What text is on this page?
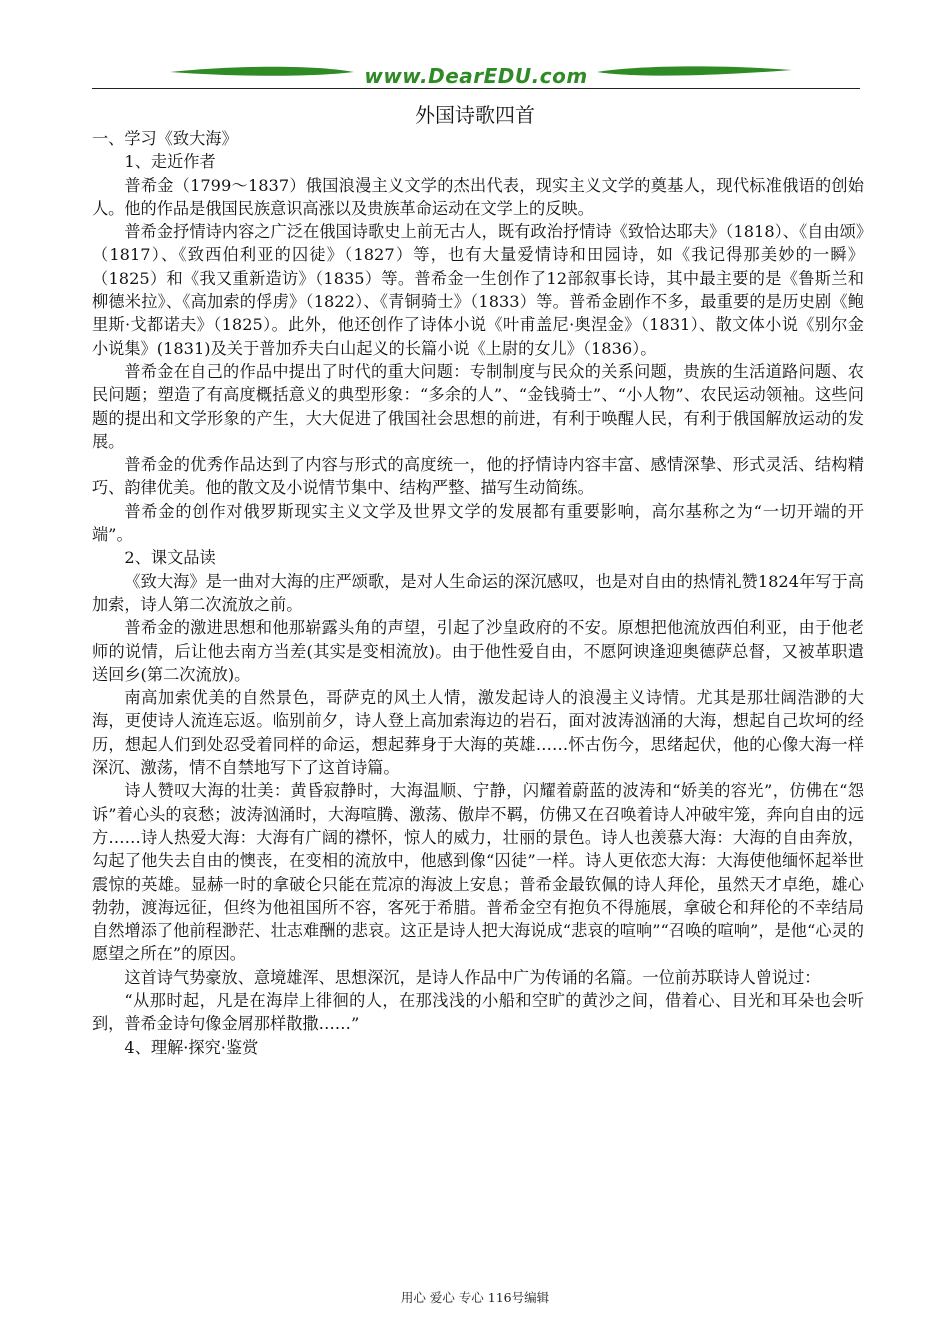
www.DearEDU.com
外国诗歌四首
一、学习《致大海》
1、走近作者
普希金（1799～1837）俄国浪漫主义文学的杰出代表，现实主义文学的奠基人，现代标准俄语的创始人。他的作品是俄国民族意识高涨以及贵族革命运动在文学上的反映。
普希金抒情诗内容之广泛在俄国诗歌史上前无古人，既有政治抒情诗《致恰达耶夫》（1818）、《自由颂》（1817）、《致西伯利亚的囚徒》（1827）等，也有大量爱情诗和田园诗，如《我记得那美妙的一瞬》（1825）和《我又重新造访》（1835）等。普希金一生创作了12部叙事长诗，其中最主要的是《鲁斯兰和柳德米拉》、《高加索的俘虏》（1822）、《青铜骑士》（1833）等。普希金剧作不多，最重要的是历史剧《鲍里斯·戈都诺夫》（1825）。此外，他还创作了诗体小说《叶甫盖尼·奥涅金》（1831）、散文体小说《别尔金小说集》(1831)及关于普加乔夫白山起义的长篇小说《上尉的女儿》（1836）。
普希金在自己的作品中提出了时代的重大问题：专制制度与民众的关系问题，贵族的生活道路问题、农民问题；塑造了有高度概括意义的典型形象：“多余的人”、“金钱骑士”、“小人物”、农民运动领袖。这些问题的提出和文学形象的产生，大大促进了俄国社会思想的前进，有利于唤醒人民，有利于俄国解放运动的发展。
普希金的优秀作品达到了内容与形式的高度统一，他的抒情诗内容丰富、感情深挚、形式灵活、结构精巧、韵律优美。他的散文及小说情节集中、结构严整、描写生动简练。
普希金的创作对俄罗斯现实主义文学及世界文学的发展都有重要影响，高尔基称之为“一切开端的开端”。
2、课文品读
《致大海》是一曲对大海的庄严颂歌，是对人生命运的深沉感叹，也是对自由的热情礼赞1824年写于高加索，诗人第二次流放之前。
普希金的激进思想和他那崭露头角的声望，引起了沙皇政府的不安。原想把他流放西伯利亚，由于他老师的说情，后让他去南方当差(其实是变相流放)。由于他性爱自由，不愿阿谀逢迎奥德萨总督，又被革职遣送回乡(第二次流放)。
南高加索优美的自然景色，哥萨克的风土人情，激发起诗人的浪漫主义诗情。尤其是那壮阔浩渺的大海，更使诗人流连忘返。临别前夕，诗人登上高加索海边的岩石，面对波涛汹涌的大海，想起自己坎坷的经历，想起人们到处忍受着同样的命运，想起葬身于大海的英雄……怀古伤今，思绪起伏，他的心像大海一样深沉、激荡，情不自禁地写下了这首诗篇。
诗人赞叹大海的壮美：黄昏寂静时，大海温顺、宁静，闪耀着蔚蓝的波涛和“娇美的容光”，仿佛在“怨诉”着心头的哀愁；波涛汹涌时，大海喧腾、激荡、傲岸不羁，仿佛又在召唤着诗人冲破牢笼，奔向自由的远方……诗人热爱大海：大海有广阔的襟怀，惊人的威力，壮丽的景色。诗人也羡慕大海：大海的自由奔放，勾起了他失去自由的懊丧，在变相的流放中，他感到像“囚徒”一样。诗人更依恋大海：大海使他缅怀起举世震惊的英雄。显赫一时的拿破仑只能在荒凉的海波上安息；普希金最钦佩的诗人拜伦，虽然天才卓绝，雄心勃勃，渡海远征，但终为他祖国所不容，客死于希腊。普希金空有抱负不得施展，拿破仑和拜伦的不幸结局自然增添了他前程渺茫、壮志难酬的悲哀。这正是诗人把大海说成“悲哀的喧响”“召唤的喧响”，是他“心灵的愿望之所在”的原因。
这首诗气势豪放、意境雄浑、思想深沉，是诗人作品中广为传诵的名篇。一位前苏联诗人曾说过：
“从那时起，凡是在海岸上徘徊的人，在那浅浅的小船和空旷的黄沙之间，借着心、目光和耳朵也会听到，普希金诗句像金屑那样散撒……”
4、理解·探究·鉴赏
用心 爱心 专心 116号编辑
